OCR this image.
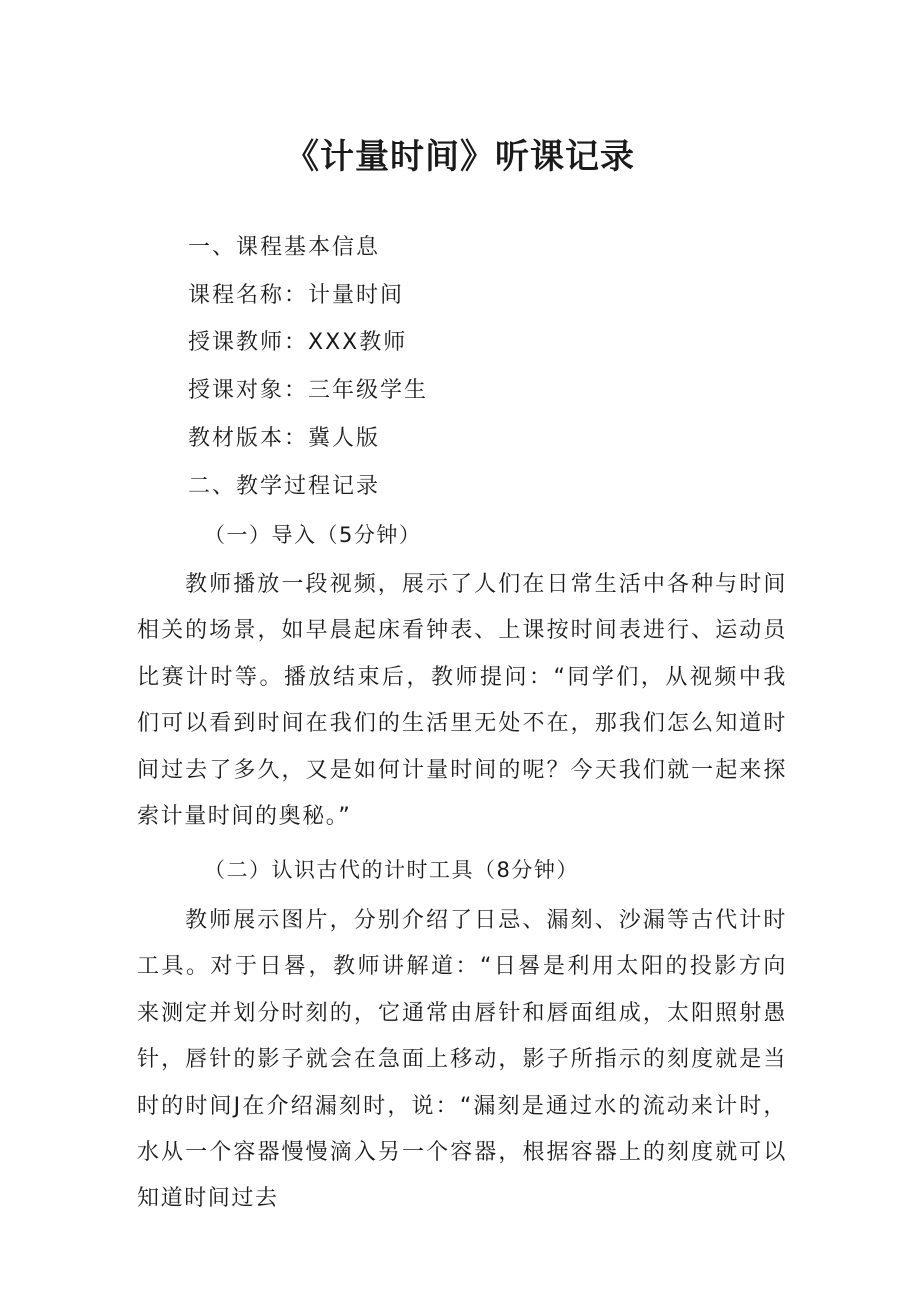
《计量时间》听课记录
一、课程基本信息
课程名称：计量时间
授课教师：XXX教师
授课对象：三年级学生
教材版本：冀人版
二、教学过程记录
（一）导入（5分钟）
教师播放一段视频，展示了人们在日常生活中各种与时间相关的场景，如早晨起床看钟表、上课按时间表进行、运动员比赛计时等。播放结束后，教师提问：“同学们，从视频中我们可以看到时间在我们的生活里无处不在，那我们怎么知道时间过去了多久，又是如何计量时间的呢？今天我们就一起来探索计量时间的奥秘。”
（二）认识古代的计时工具（8分钟）
教师展示图片，分别介绍了日忌、漏刻、沙漏等古代计时工具。对于日晷，教师讲解道：“日晷是利用太阳的投影方向来测定并划分时刻的，它通常由唇针和唇面组成，太阳照射愚针，唇针的影子就会在急面上移动，影子所指示的刻度就是当时的时间J在介绍漏刻时，说：“漏刻是通过水的流动来计时，水从一个容器慢慢滴入另一个容器，根据容器上的刻度就可以知道时间过去
